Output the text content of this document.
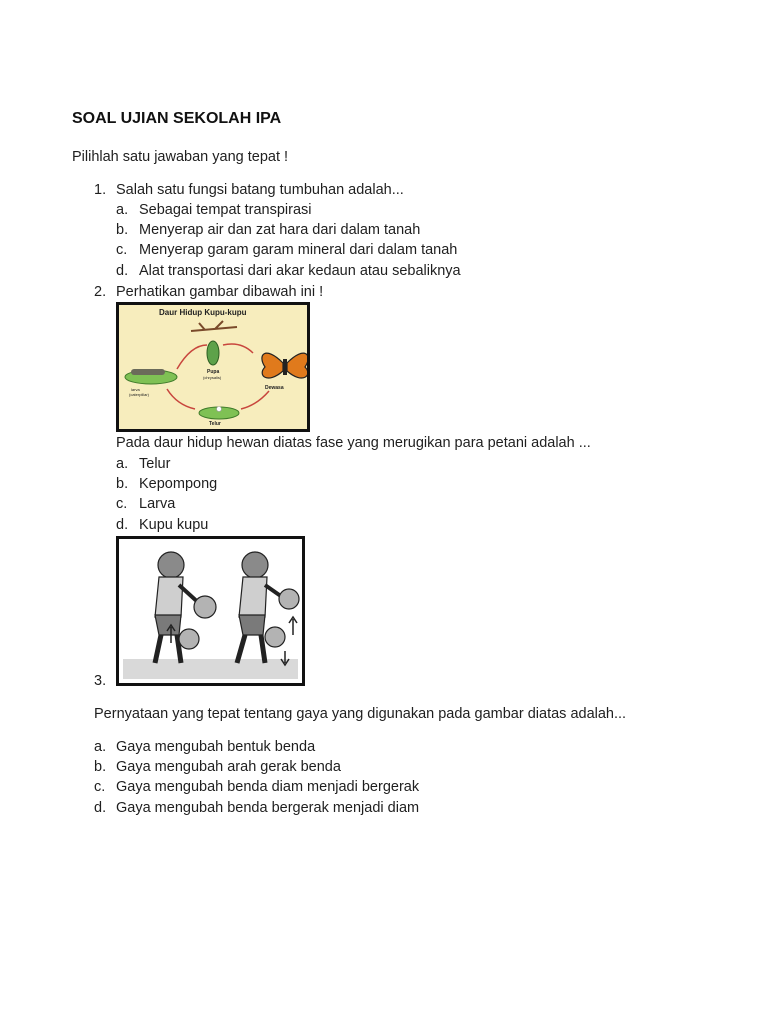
SOAL UJIAN SEKOLAH IPA
Pilihlah satu jawaban yang tepat !
1. Salah satu fungsi batang tumbuhan adalah...
a. Sebagai tempat transpirasi
b. Menyerap air dan zat hara dari dalam tanah
c. Menyerap garam garam mineral dari dalam tanah
d. Alat transportasi dari akar kedaun atau sebaliknya
2. Perhatikan gambar dibawah ini !
Daur Hidup Kupu-kupu
Pupa
(chrysalis)
Dewasa
larva
(caterpillar)
Telur
Pada daur hidup hewan diatas fase yang merugikan para petani adalah ...
a. Telur
b. Kepompong
c. Larva
d. Kupu kupu
3.
Pernyataan yang tepat tentang gaya yang digunakan pada gambar diatas adalah...
a. Gaya mengubah bentuk benda
b. Gaya mengubah arah gerak benda
c. Gaya mengubah benda diam menjadi bergerak
d. Gaya mengubah benda bergerak menjadi diam
